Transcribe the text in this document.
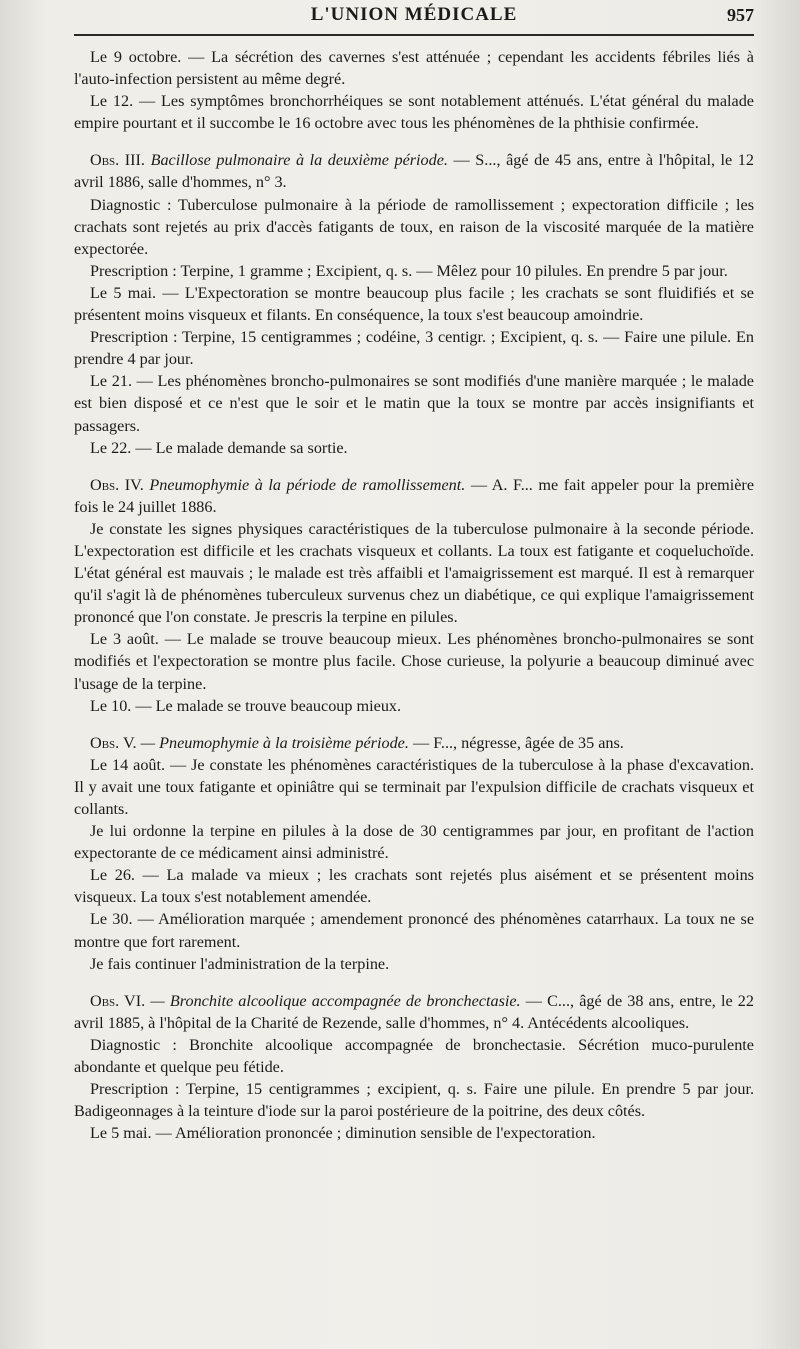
L'UNION MÉDICALE	957

Le 9 octobre. — La sécrétion des cavernes s'est atténuée ; cependant les accidents fébriles liés à l'auto-infection persistent au même degré.

Le 12. — Les symptômes bronchorrhéiques se sont notablement atténués. L'état général du malade empire pourtant et il succombe le 16 octobre avec tous les phénomènes de la phthisie confirmée.

Obs. III. Bacillose pulmonaire à la deuxième période. — S..., âgé de 45 ans, entre à l'hôpital, le 12 avril 1886, salle d'hommes, n° 3.

Diagnostic : Tuberculose pulmonaire à la période de ramollissement ; expectoration difficile ; les crachats sont rejetés au prix d'accès fatigants de toux, en raison de la viscosité marquée de la matière expectorée.

Prescription : Terpine, 1 gramme ; Excipient, q. s. — Mêlez pour 10 pilules. En prendre 5 par jour.

Le 5 mai. — L'Expectoration se montre beaucoup plus facile ; les crachats se sont fluidifiés et se présentent moins visqueux et filants. En conséquence, la toux s'est beaucoup amoindrie.

Prescription : Terpine, 15 centigrammes ; codéine, 3 centigr. ; Excipient, q. s. — Faire une pilule. En prendre 4 par jour.

Le 21. — Les phénomènes broncho-pulmonaires se sont modifiés d'une manière marquée ; le malade est bien disposé et ce n'est que le soir et le matin que la toux se montre par accès insignifiants et passagers.

Le 22. — Le malade demande sa sortie.

Obs. IV. Pneumophymie à la période de ramollissement. — A. F... me fait appeler pour la première fois le 24 juillet 1886.

Je constate les signes physiques caractéristiques de la tuberculose pulmonaire à la seconde période. L'expectoration est difficile et les crachats visqueux et collants. La toux est fatigante et coqueluchoïde. L'état général est mauvais ; le malade est très affaibli et l'amaigrissement est marqué. Il est à remarquer qu'il s'agit là de phénomènes tuberculeux survenus chez un diabétique, ce qui explique l'amaigrissement prononcé que l'on constate. Je prescris la terpine en pilules.

Le 3 août. — Le malade se trouve beaucoup mieux. Les phénomènes broncho-pulmonaires se sont modifiés et l'expectoration se montre plus facile. Chose curieuse, la polyurie a beaucoup diminué avec l'usage de la terpine.

Le 10. — Le malade se trouve beaucoup mieux.

Obs. V. — Pneumophymie à la troisième période. — F..., négresse, âgée de 35 ans.

Le 14 août. — Je constate les phénomènes caractéristiques de la tuberculose à la phase d'excavation. Il y avait une toux fatigante et opiniâtre qui se terminait par l'expulsion difficile de crachats visqueux et collants.

Je lui ordonne la terpine en pilules à la dose de 30 centigrammes par jour, en profitant de l'action expectorante de ce médicament ainsi administré.

Le 26. — La malade va mieux ; les crachats sont rejetés plus aisément et se présentent moins visqueux. La toux s'est notablement amendée.

Le 30. — Amélioration marquée ; amendement prononcé des phénomènes catarrhaux. La toux ne se montre que fort rarement.

Je fais continuer l'administration de la terpine.

Obs. VI. — Bronchite alcoolique accompagnée de bronchectasie. — C..., âgé de 38 ans, entre, le 22 avril 1885, à l'hôpital de la Charité de Rezende, salle d'hommes, n° 4. Antécédents alcooliques.

Diagnostic : Bronchite alcoolique accompagnée de bronchectasie. Sécrétion muco-purulente abondante et quelque peu fétide.

Prescription : Terpine, 15 centigrammes ; excipient, q. s. Faire une pilule. En prendre 5 par jour. Badigeonnages à la teinture d'iode sur la paroi postérieure de la poitrine, des deux côtés.

Le 5 mai. — Amélioration prononcée ; diminution sensible de l'expectoration.
